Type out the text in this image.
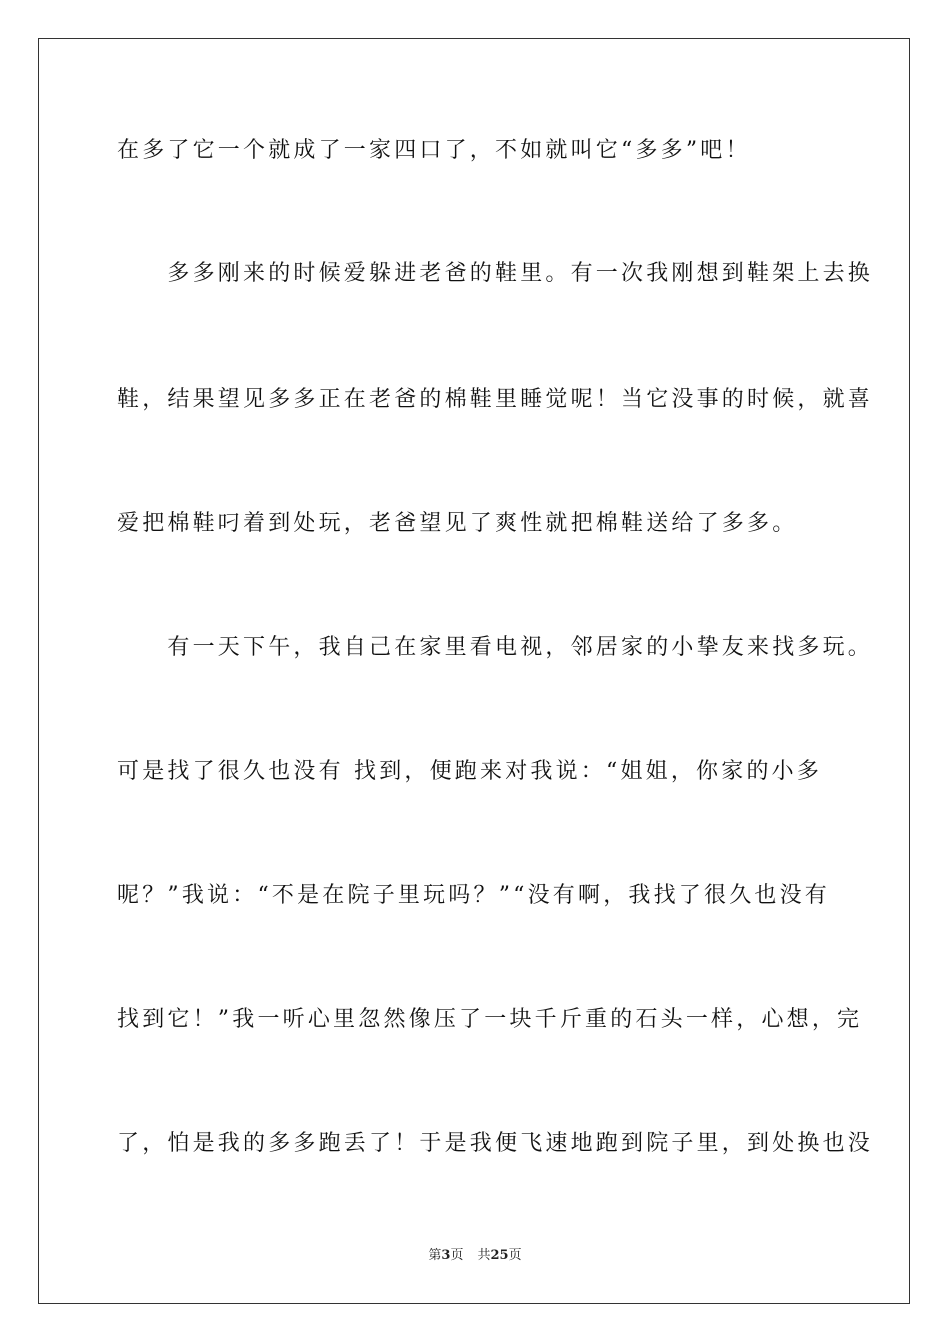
在多了它一个就成了一家四口了，不如就叫它“多多”吧！
　　多多刚来的时候爱躲进老爸的鞋里。有一次我刚想到鞋架上去换
鞋，结果望见多多正在老爸的棉鞋里睡觉呢！当它没事的时候，就喜
爱把棉鞋叼着到处玩，老爸望见了爽性就把棉鞋送给了多多。
　　有一天下午，我自己在家里看电视，邻居家的小挚友来找多玩。
可是找了很久也没有 找到，便跑来对我说：“姐姐，你家的小多
呢？”我说：“不是在院子里玩吗？”“没有啊，我找了很久也没有
找到它！”我一听心里忽然像压了一块千斤重的石头一样，心想，完
了，怕是我的多多跑丢了！于是我便飞速地跑到院子里，到处换也没
第3页 共25页
